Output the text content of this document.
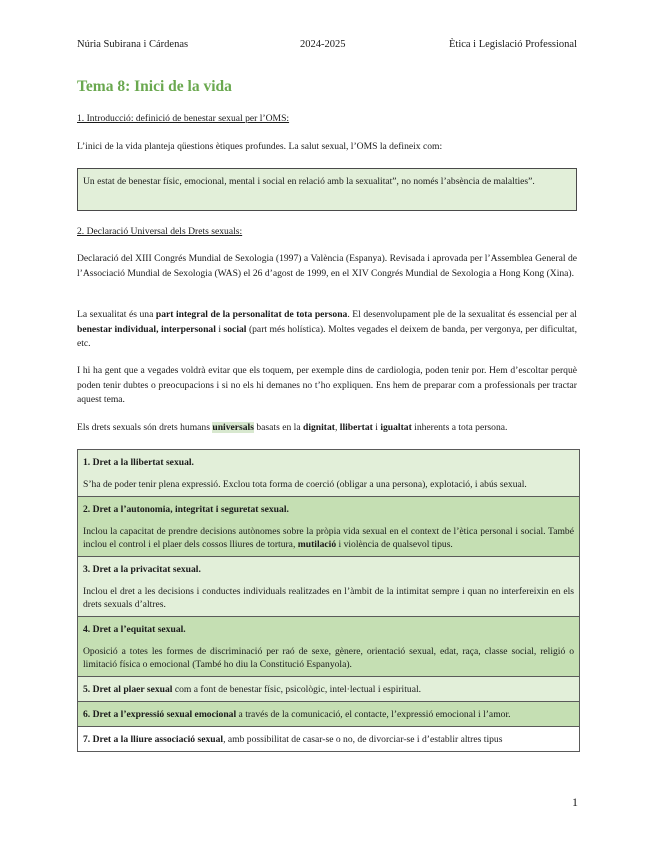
Núria Subirana i Cárdenas	2024-2025	Ètica i Legislació Professional
Tema 8: Inici de la vida
1. Introducció: definició de benestar sexual per l’OMS:
L’inici de la vida planteja qüestions ètiques profundes. La salut sexual, l’OMS la defineix com:
Un estat de benestar físic, emocional, mental i social en relació amb la sexualitat”, no només l’absència de malalties”.
2. Declaració Universal dels Drets sexuals:
Declaració del XIII Congrés Mundial de Sexologia (1997) a València (Espanya). Revisada i aprovada per l’Assemblea General de l’Associació Mundial de Sexologia (WAS) el 26 d’agost de 1999, en el XIV Congrés Mundial de Sexologia a Hong Kong (Xina).
La sexualitat és una part integral de la personalitat de tota persona. El desenvolupament ple de la sexualitat és essencial per al benestar individual, interpersonal i social (part més holística). Moltes vegades el deixem de banda, per vergonya, per dificultat, etc.
I hi ha gent que a vegades voldrà evitar que els toquem, per exemple dins de cardiologia, poden tenir por. Hem d’escoltar perquè poden tenir dubtes o preocupacions i si no els hi demanes no t’ho expliquen. Ens hem de preparar com a professionals per tractar aquest tema.
Els drets sexuals són drets humans universals basats en la dignitat, llibertat i igualtat inherents a tota persona.
1. Dret a la llibertat sexual.
S’ha de poder tenir plena expressió. Exclou tota forma de coerció (obligar a una persona), explotació, i abús sexual.

2. Dret a l’autonomia, integritat i seguretat sexual.
Inclou la capacitat de prendre decisions autònomes sobre la pròpia vida sexual en el context de l’ètica personal i social. També inclou el control i el plaer dels cossos lliures de tortura, mutilació i violència de qualsevol tipus.

3. Dret a la privacitat sexual.
Inclou el dret a les decisions i conductes individuals realitzades en l’àmbit de la intimitat sempre i quan no interfereixin en els drets sexuals d’altres.

4. Dret a l’equitat sexual.
Oposició a totes les formes de discriminació per raó de sexe, gènere, orientació sexual, edat, raça, classe social, religió o limitació física o emocional (També ho diu la Constitució Espanyola).

5. Dret al plaer sexual com a font de benestar físic, psicològic, intel·lectual i espiritual.

6. Dret a l’expressió sexual emocional a través de la comunicació, el contacte, l’expressió emocional i l’amor.

7. Dret a la lliure associació sexual, amb possibilitat de casar-se o no, de divorciar-se i d’establir altres tipus
1
